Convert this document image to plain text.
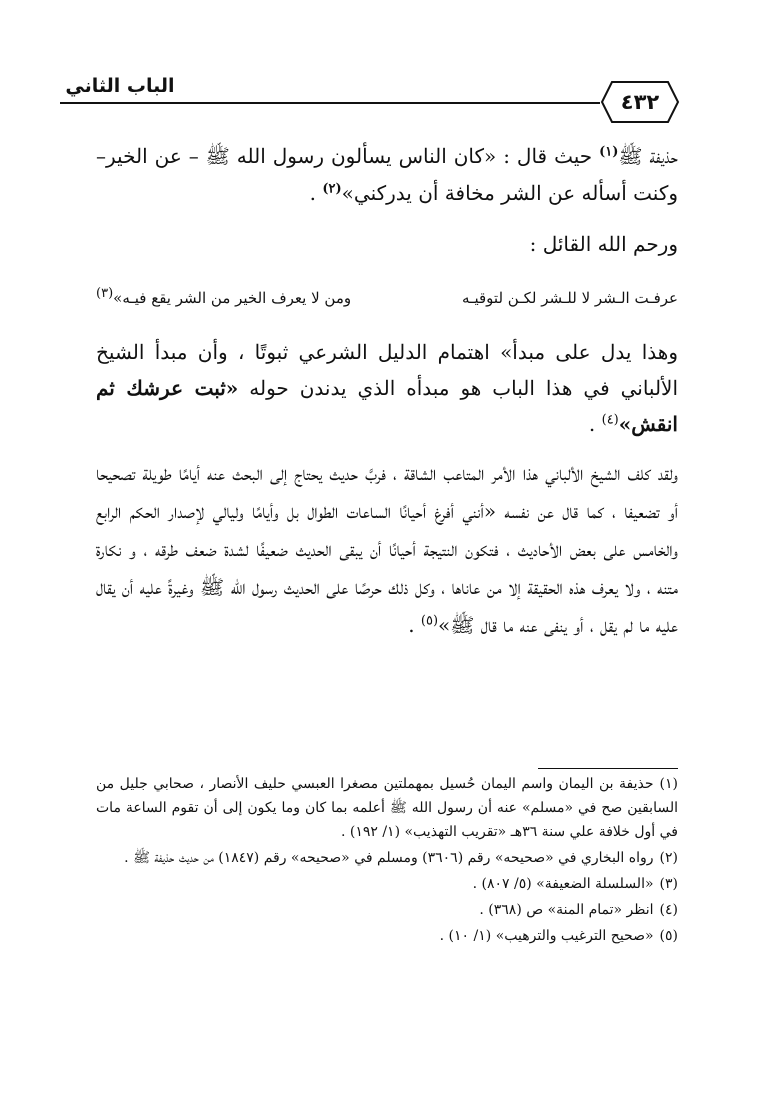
الباب الثاني
٤٣٢

حذيفة ﷺ$^{(١)}$ حيث قال : «كان الناس يسألون رسول الله ﷺ – عن الخير– وكنت أسأله عن الشر مخافة أن يدركني»$^{(٢)}$ .

ورحم الله القائل :

عرفـت الـشر لا للـشر لكـن لتوقيـه
ومن لا يعرف الخير من الشر يقع فيـه»$^{(٣)}$

وهذا يدل على مبدأ» اهتمام الدليل الشرعي ثبوتًا ، وأن مبدأ الشيخ الألباني في هذا الباب هو مبدأه الذي يدندن حوله «ثبت عرشك ثم انقش»$^{(٤)}$ .

ولقد كلف الشيخ الألباني هذا الأمر المتاعب الشاقة ، فربَّ حديث يحتاج إلى البحث عنه أيامًا طويلة تصحيحا أو تضعيفا ، كما قال عن نفسه «أنني أفرغ أحيانًا الساعات الطوال بل وأيامًا وليالي لإصدار الحكم الرابع والخامس على بعض الأحاديث ، فتكون النتيجة أحيانًا أن يبقى الحديث ضعيفًا لشدة ضعف طرقه ، و نكارة متنه ، ولا يعرف هذه الحقيقة إلا من عاناها ، وكل ذلك حرصًا على الحديث رسول الله ﷺ وغيرةً عليه أن يقال عليه ما لم يقل ، أو ينفى عنه ما قال ﷺ»$^{(٥)}$ .

(١)حذيفة بن اليمان واسم اليمان حُسيل بمهملتين مصغرا العبسي حليف الأنصار ، صحابي جليل من السابقين صح في «مسلم» عنه أن رسول الله ﷺ أعلمه بما كان وما يكون إلى أن تقوم الساعة مات في أول خلافة علي سنة ٣٦هـ «تقريب التهذيب» (١/ ١٩٢) .

(٢)رواه البخاري في «صحيحه» رقم (٣٦٠٦) ومسلم في «صحيحه» رقم (١٨٤٧) من حديث حذيفة ﷺ .

(٣)«السلسلة الضعيفة» (٥/ ٨٠٧) .

(٤)انظر «تمام المنة» ص (٣٦٨) .

(٥)«صحيح الترغيب والترهيب» (١/ ١٠) .
